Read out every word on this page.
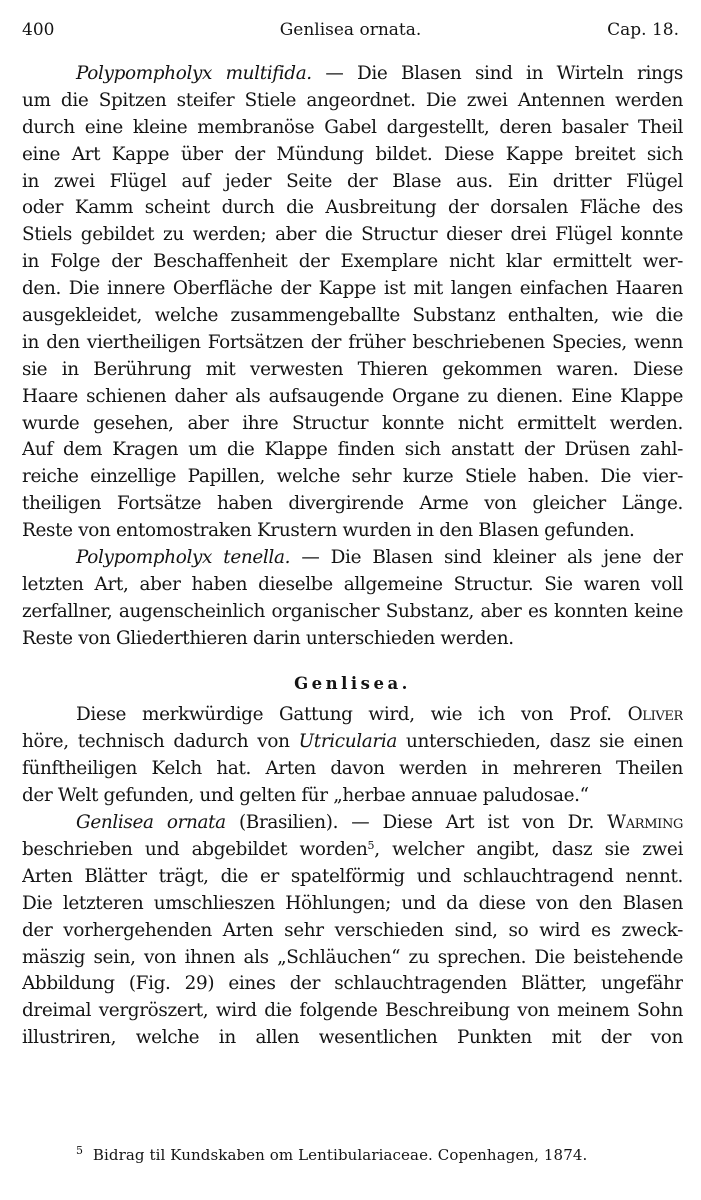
400	Genlisea ornata.	Cap. 18.
Polypompholyx multifida. — Die Blasen sind in Wirteln rings
um die Spitzen steifer Stiele angeordnet. Die zwei Antennen werden
durch eine kleine membranöse Gabel dargestellt, deren basaler Theil
eine Art Kappe über der Mündung bildet. Diese Kappe breitet sich
in zwei Flügel auf jeder Seite der Blase aus. Ein dritter Flügel
oder Kamm scheint durch die Ausbreitung der dorsalen Fläche des
Stiels gebildet zu werden; aber die Structur dieser drei Flügel konnte
in Folge der Beschaffenheit der Exemplare nicht klar ermittelt wer-
den. Die innere Oberfläche der Kappe ist mit langen einfachen Haaren
ausgekleidet, welche zusammengeballte Substanz enthalten, wie die
in den viertheiligen Fortsätzen der früher beschriebenen Species, wenn
sie in Berührung mit verwesten Thieren gekommen waren. Diese
Haare schienen daher als aufsaugende Organe zu dienen. Eine Klappe
wurde gesehen, aber ihre Structur konnte nicht ermittelt werden.
Auf dem Kragen um die Klappe finden sich anstatt der Drüsen zahl-
reiche einzellige Papillen, welche sehr kurze Stiele haben. Die vier-
theiligen Fortsätze haben divergirende Arme von gleicher Länge.
Reste von entomostraken Krustern wurden in den Blasen gefunden.
Polypompholyx tenella. — Die Blasen sind kleiner als jene der
letzten Art, aber haben dieselbe allgemeine Structur. Sie waren voll
zerfallner, augenscheinlich organischer Substanz, aber es konnten keine
Reste von Gliederthieren darin unterschieden werden.
Genlisea.
Diese merkwürdige Gattung wird, wie ich von Prof. Oliver
höre, technisch dadurch von Utricularia unterschieden, dasz sie einen
fünftheiligen Kelch hat. Arten davon werden in mehreren Theilen
der Welt gefunden, und gelten für „herbae annuae paludosae.“
Genlisea ornata (Brasilien). — Diese Art ist von Dr. Warming
beschrieben und abgebildet worden$^5$, welcher angibt, dasz sie zwei
Arten Blätter trägt, die er spatelförmig und schlauchtragend nennt.
Die letzteren umschlieszen Höhlungen; und da diese von den Blasen
der vorhergehenden Arten sehr verschieden sind, so wird es zweck-
mäszig sein, von ihnen als „Schläuchen“ zu sprechen. Die beistehende
Abbildung (Fig. 29) eines der schlauchtragenden Blätter, ungefähr
dreimal vergröszert, wird die folgende Beschreibung von meinem Sohn
illustriren, welche in allen wesentlichen Punkten mit der von
$^5$ Bidrag til Kundskaben om Lentibulariaceae. Copenhagen, 1874.
